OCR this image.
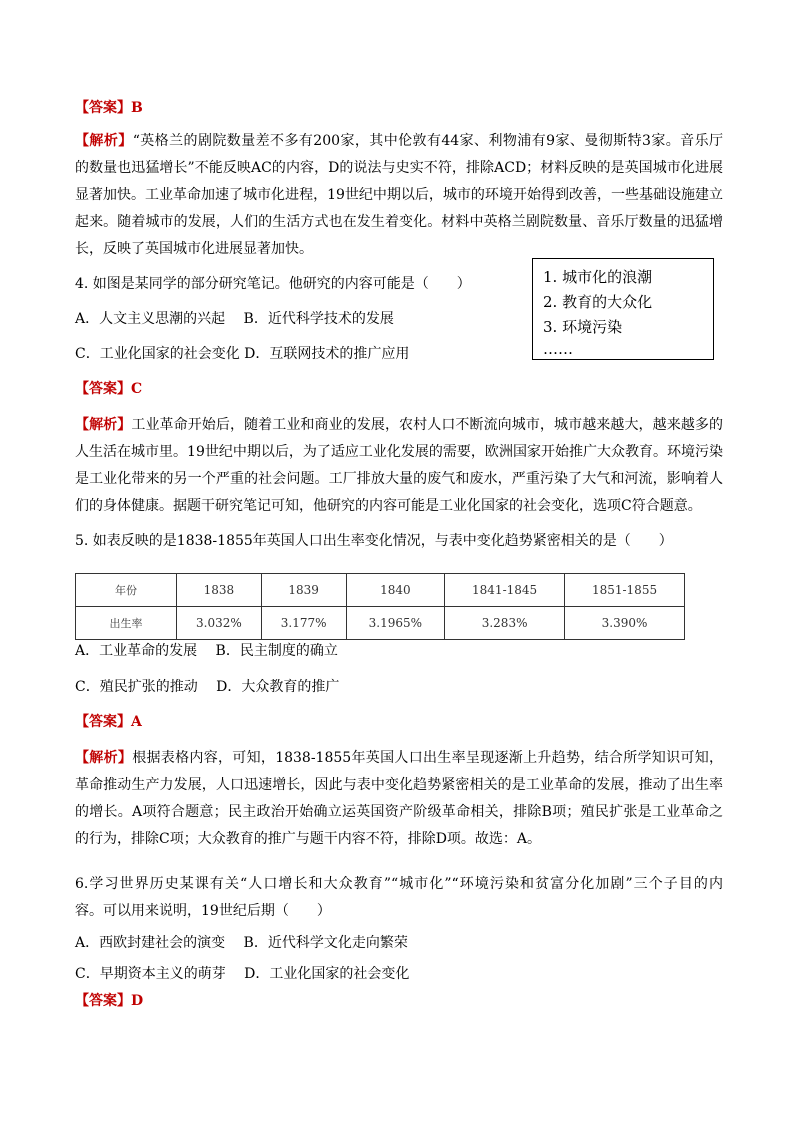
【答案】B
【解析】“英格兰的剧院数量差不多有200家，其中伦敦有44家、利物浦有9家、曼彻斯特3家。音乐厅
的数量也迅猛增长”不能反映AC的内容，D的说法与史实不符，排除ACD；材料反映的是英国城市化进展
显著加快。工业革命加速了城市化进程，19世纪中期以后，城市的环境开始得到改善，一些基础设施建立
起来。随着城市的发展，人们的生活方式也在发生着变化。材料中英格兰剧院数量、音乐厅数量的迅猛增
长，反映了英国城市化进展显著加快。
4. 如图是某同学的部分研究笔记。他研究的内容可能是（　　）
A．人文主义思潮的兴起　 B．近代科学技术的发展
C．工业化国家的社会变化 D．互联网技术的推广应用
1. 城市化的浪潮
2. 教育的大众化
3. 环境污染
……
【答案】C
【解析】工业革命开始后，随着工业和商业的发展，农村人口不断流向城市，城市越来越大，越来越多的
人生活在城市里。19世纪中期以后，为了适应工业化发展的需要，欧洲国家开始推广大众教育。环境污染
是工业化带来的另一个严重的社会问题。工厂排放大量的废气和废水，严重污染了大气和河流，影响着人
们的身体健康。据题干研究笔记可知，他研究的内容可能是工业化国家的社会变化，选项C符合题意。
5. 如表反映的是1838-1855年英国人口出生率变化情况，与表中变化趋势紧密相关的是（　　）
年份	1838	1839	1840	1841-1845	1851-1855
出生率	3.032%	3.177%	3.1965%	3.283%	3.390%
A．工业革命的发展　 B．民主制度的确立
C．殖民扩张的推动　 D．大众教育的推广
【答案】A
【解析】根据表格内容，可知，1838-1855年英国人口出生率呈现逐渐上升趋势，结合所学知识可知，
革命推动生产力发展，人口迅速增长，因此与表中变化趋势紧密相关的是工业革命的发展，推动了出生率
的增长。A项符合题意；民主政治开始确立运英国资产阶级革命相关，排除B项；殖民扩张是工业革命之
的行为，排除C项；大众教育的推广与题干内容不符，排除D项。故选：A。
6.学习世界历史某课有关“人口增长和大众教育”“城市化”“环境污染和贫富分化加剧”三个子目的内
容。可以用来说明，19世纪后期（　　）
A．西欧封建社会的演变　 B．近代科学文化走向繁荣
C．早期资本主义的萌芽　 D．工业化国家的社会变化
【答案】D
